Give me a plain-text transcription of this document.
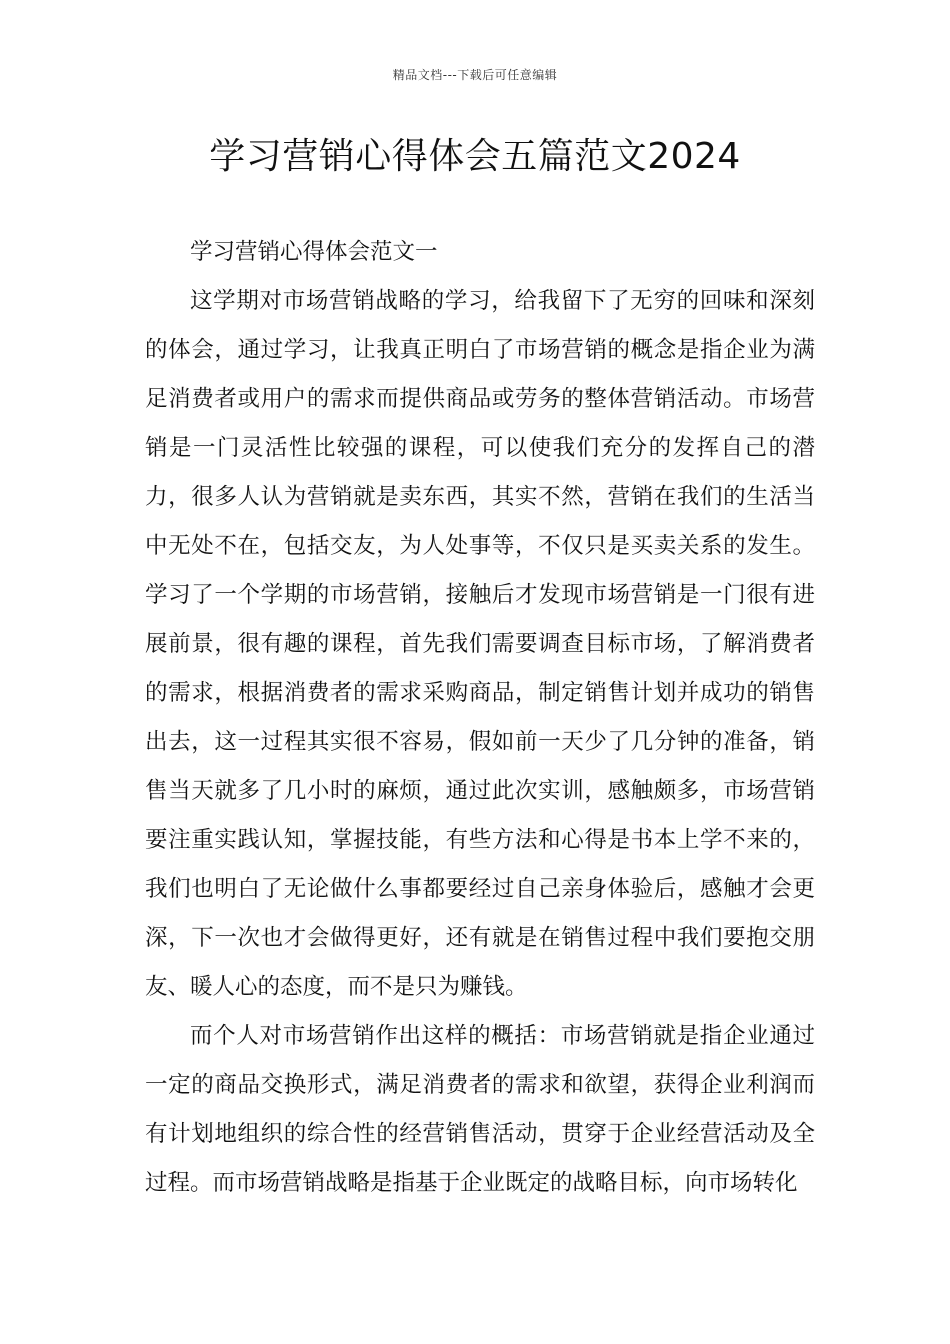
精品文档---下载后可任意编辑
学习营销心得体会五篇范文2024

学习营销心得体会范文一

这学期对市场营销战略的学习，给我留下了无穷的回味和深刻的体会，通过学习，让我真正明白了市场营销的概念是指企业为满足消费者或用户的需求而提供商品或劳务的整体营销活动。市场营销是一门灵活性比较强的课程，可以使我们充分的发挥自己的潜力，很多人认为营销就是卖东西，其实不然，营销在我们的生活当中无处不在，包括交友，为人处事等，不仅只是买卖关系的发生。学习了一个学期的市场营销，接触后才发现市场营销是一门很有进展前景，很有趣的课程，首先我们需要调查目标市场，了解消费者的需求，根据消费者的需求采购商品，制定销售计划并成功的销售出去，这一过程其实很不容易，假如前一天少了几分钟的准备，销售当天就多了几小时的麻烦，通过此次实训，感触颇多，市场营销要注重实践认知，掌握技能，有些方法和心得是书本上学不来的，我们也明白了无论做什么事都要经过自己亲身体验后，感触才会更深，下一次也才会做得更好，还有就是在销售过程中我们要抱交朋友、暖人心的态度，而不是只为赚钱。

而个人对市场营销作出这样的概括：市场营销就是指企业通过一定的商品交换形式，满足消费者的需求和欲望，获得企业利润而有计划地组织的综合性的经营销售活动，贯穿于企业经营活动及全过程。而市场营销战略是指基于企业既定的战略目标，向市场转化
